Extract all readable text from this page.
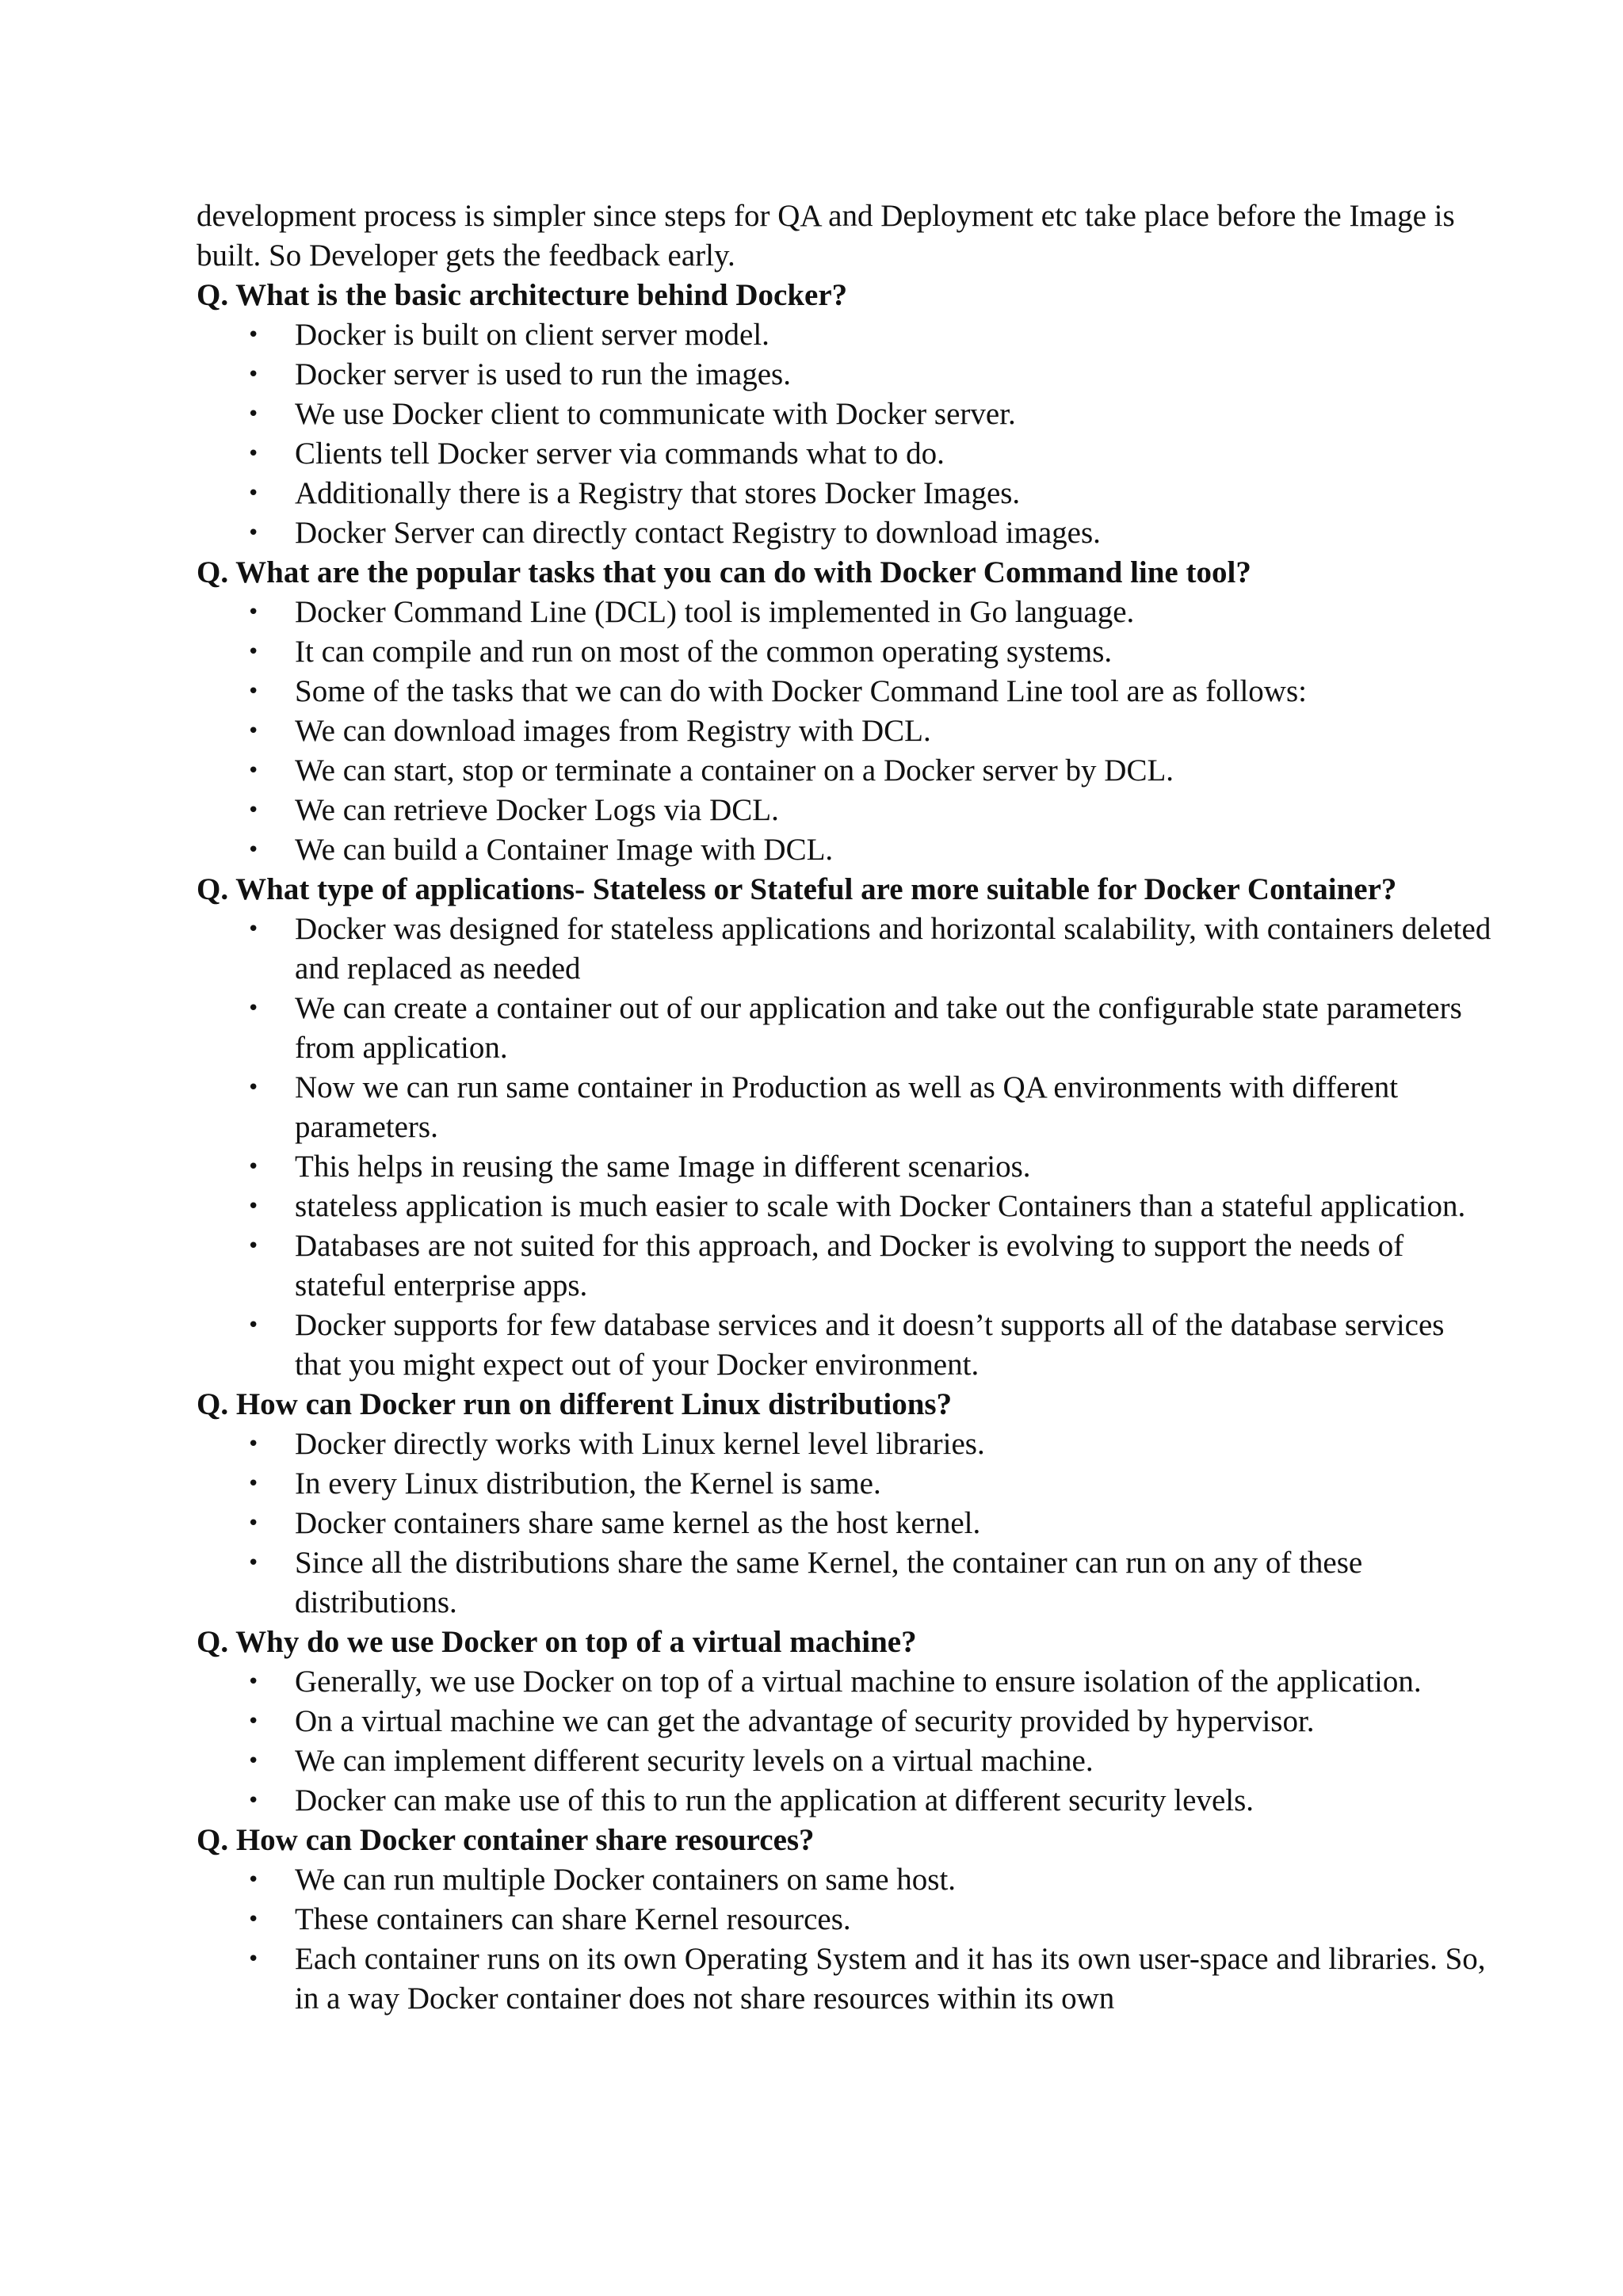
development process is simpler since steps for QA and Deployment etc take place before the Image is built. So Developer gets the feedback early.

Q. What is the basic architecture behind Docker?

•	Docker is built on client server model.
•	Docker server is used to run the images.
•	We use Docker client to communicate with Docker server.
•	Clients tell Docker server via commands what to do.
•	Additionally there is a Registry that stores Docker Images.
•	Docker Server can directly contact Registry to download images.

Q. What are the popular tasks that you can do with Docker Command line tool?

•	Docker Command Line (DCL) tool is implemented in Go language.
•	It can compile and run on most of the common operating systems.
•	Some of the tasks that we can do with Docker Command Line tool are as follows:
•	We can download images from Registry with DCL.
•	We can start, stop or terminate a container on a Docker server by DCL.
•	We can retrieve Docker Logs via DCL.
•	We can build a Container Image with DCL.

Q. What type of applications- Stateless or Stateful are more suitable for Docker Container?

•	Docker was designed for stateless applications and horizontal scalability, with containers deleted and replaced as needed
•	We can create a container out of our application and take out the configurable state parameters from application.
•	Now we can run same container in Production as well as QA environments with different parameters.
•	This helps in reusing the same Image in different scenarios.
•	stateless application is much easier to scale with Docker Containers than a stateful application.
•	Databases are not suited for this approach, and Docker is evolving to support the needs of stateful enterprise apps.
•	Docker supports for few database services and it doesn’t supports all of the database services that you might expect out of your Docker environment.

Q. How can Docker run on different Linux distributions?

•	Docker directly works with Linux kernel level libraries.
•	In every Linux distribution, the Kernel is same.
•	Docker containers share same kernel as the host kernel.
•	Since all the distributions share the same Kernel, the container can run on any of these distributions.

Q. Why do we use Docker on top of a virtual machine?

•	Generally, we use Docker on top of a virtual machine to ensure isolation of the application.
•	On a virtual machine we can get the advantage of security provided by hypervisor.
•	We can implement different security levels on a virtual machine.
•	Docker can make use of this to run the application at different security levels.

Q. How can Docker container share resources?

•	We can run multiple Docker containers on same host.
•	These containers can share Kernel resources.
•	Each container runs on its own Operating System and it has its own user-space and libraries. So, in a way Docker container does not share resources within its own
